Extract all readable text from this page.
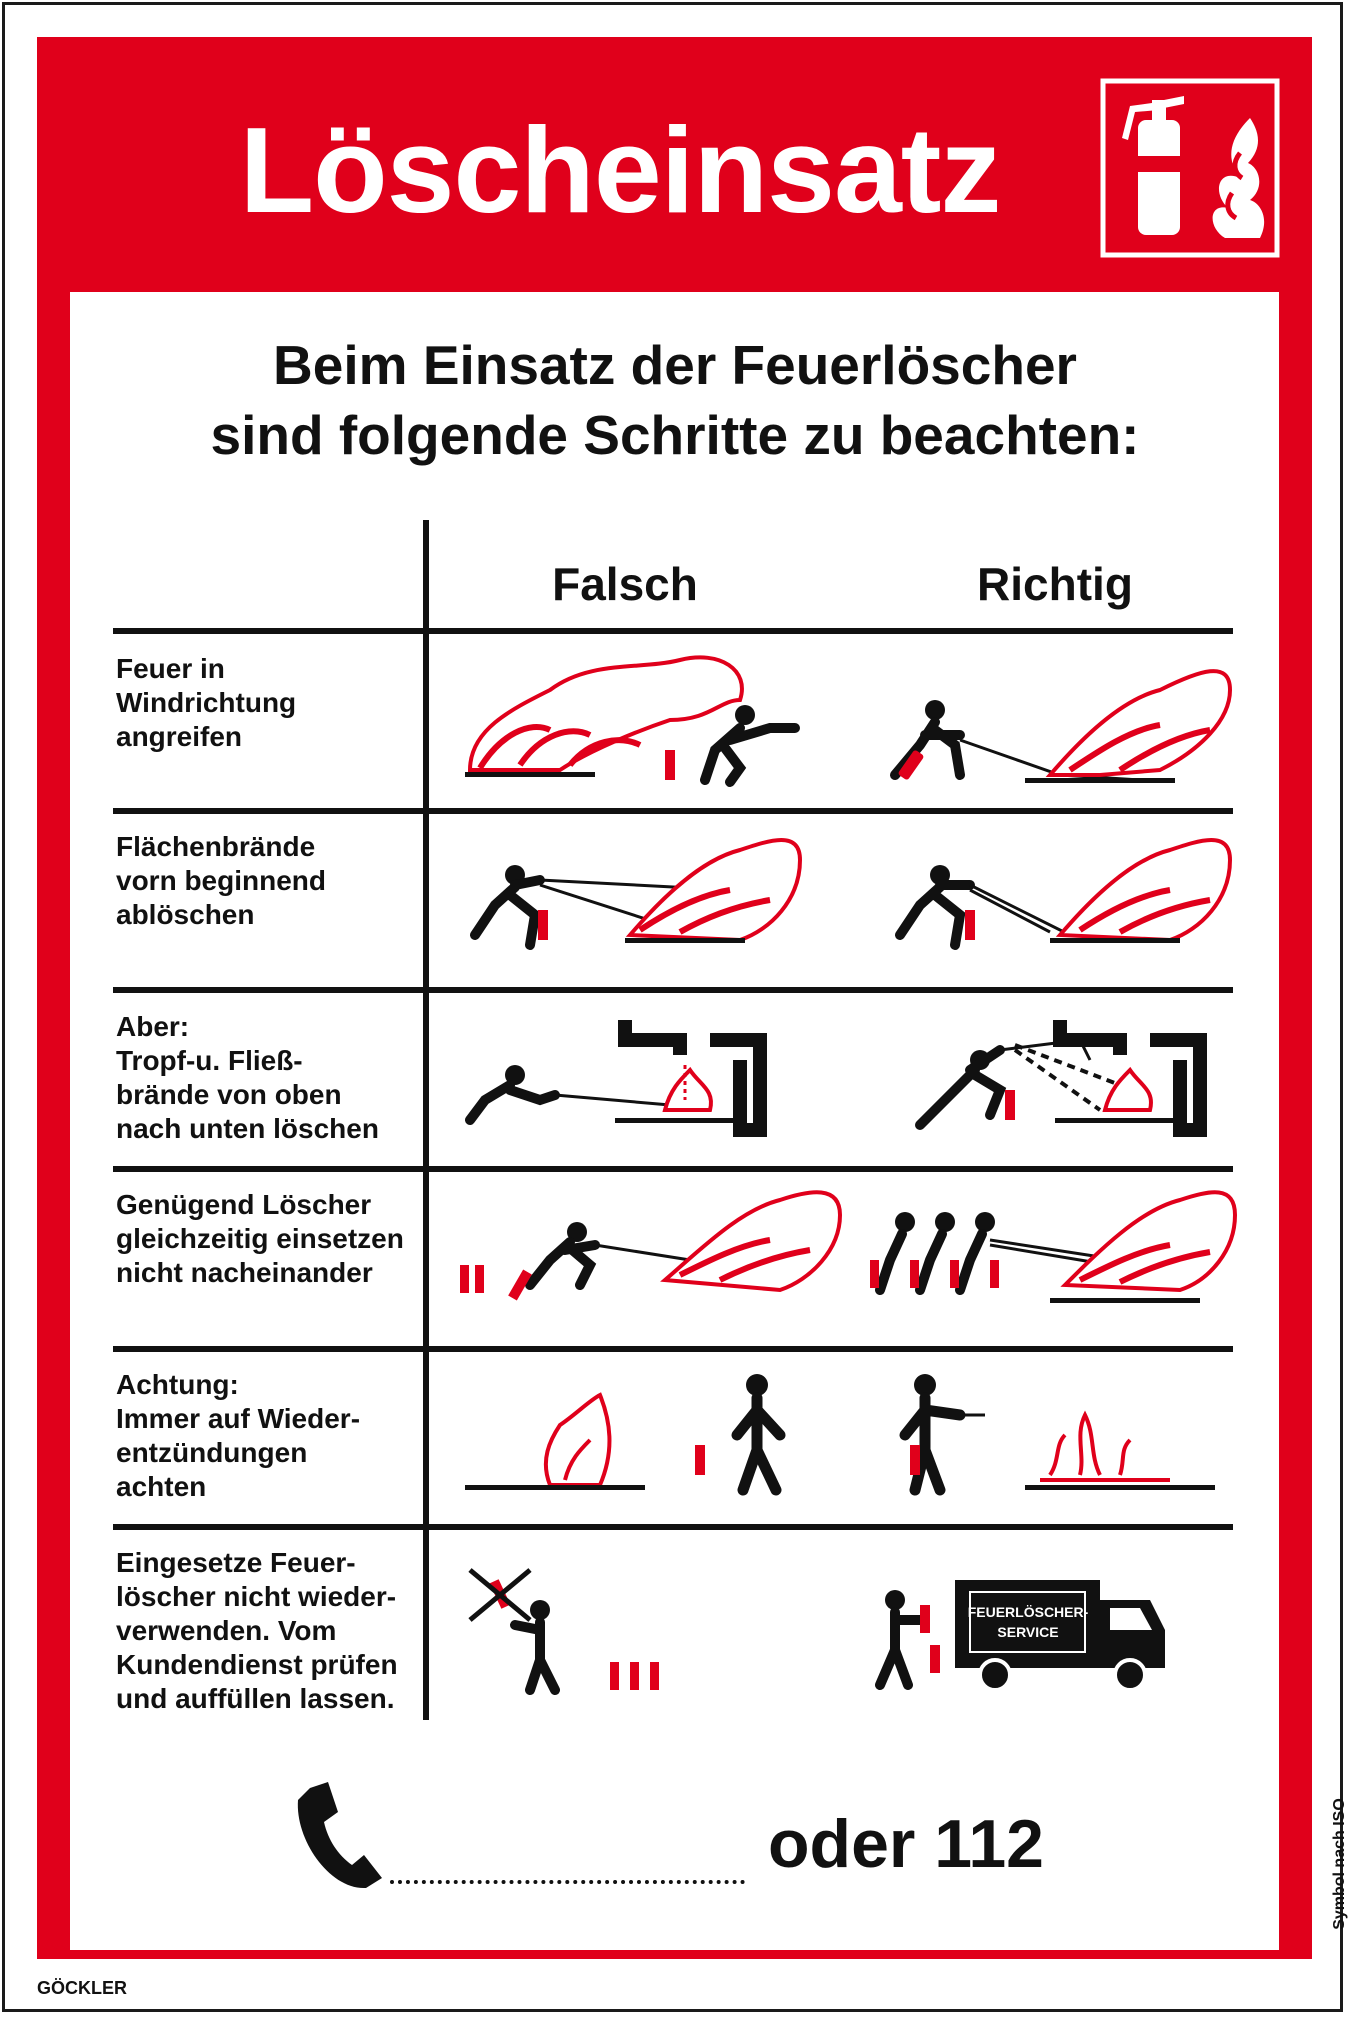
Löscheinsatz
Beim Einsatz der Feuerlöscher
sind folgende Schritte zu beachten:
Falsch	Richtig
Feuer in
Windrichtung
angreifen
Flächenbrände
vorn beginnend
ablöschen
Aber:
Tropf-u. Fließ-
brände von oben
nach unten löschen
Genügend Löscher
gleichzeitig einsetzen
nicht nacheinander
Achtung:
Immer auf Wieder-
entzündungen
achten
Eingesetze Feuer-
löscher nicht wieder-
verwenden. Vom
Kundendienst prüfen
und auffüllen lassen.
FEUERLÖSCHER-
SERVICE
oder 112
GÖCKLER
Symbol nach ISO
